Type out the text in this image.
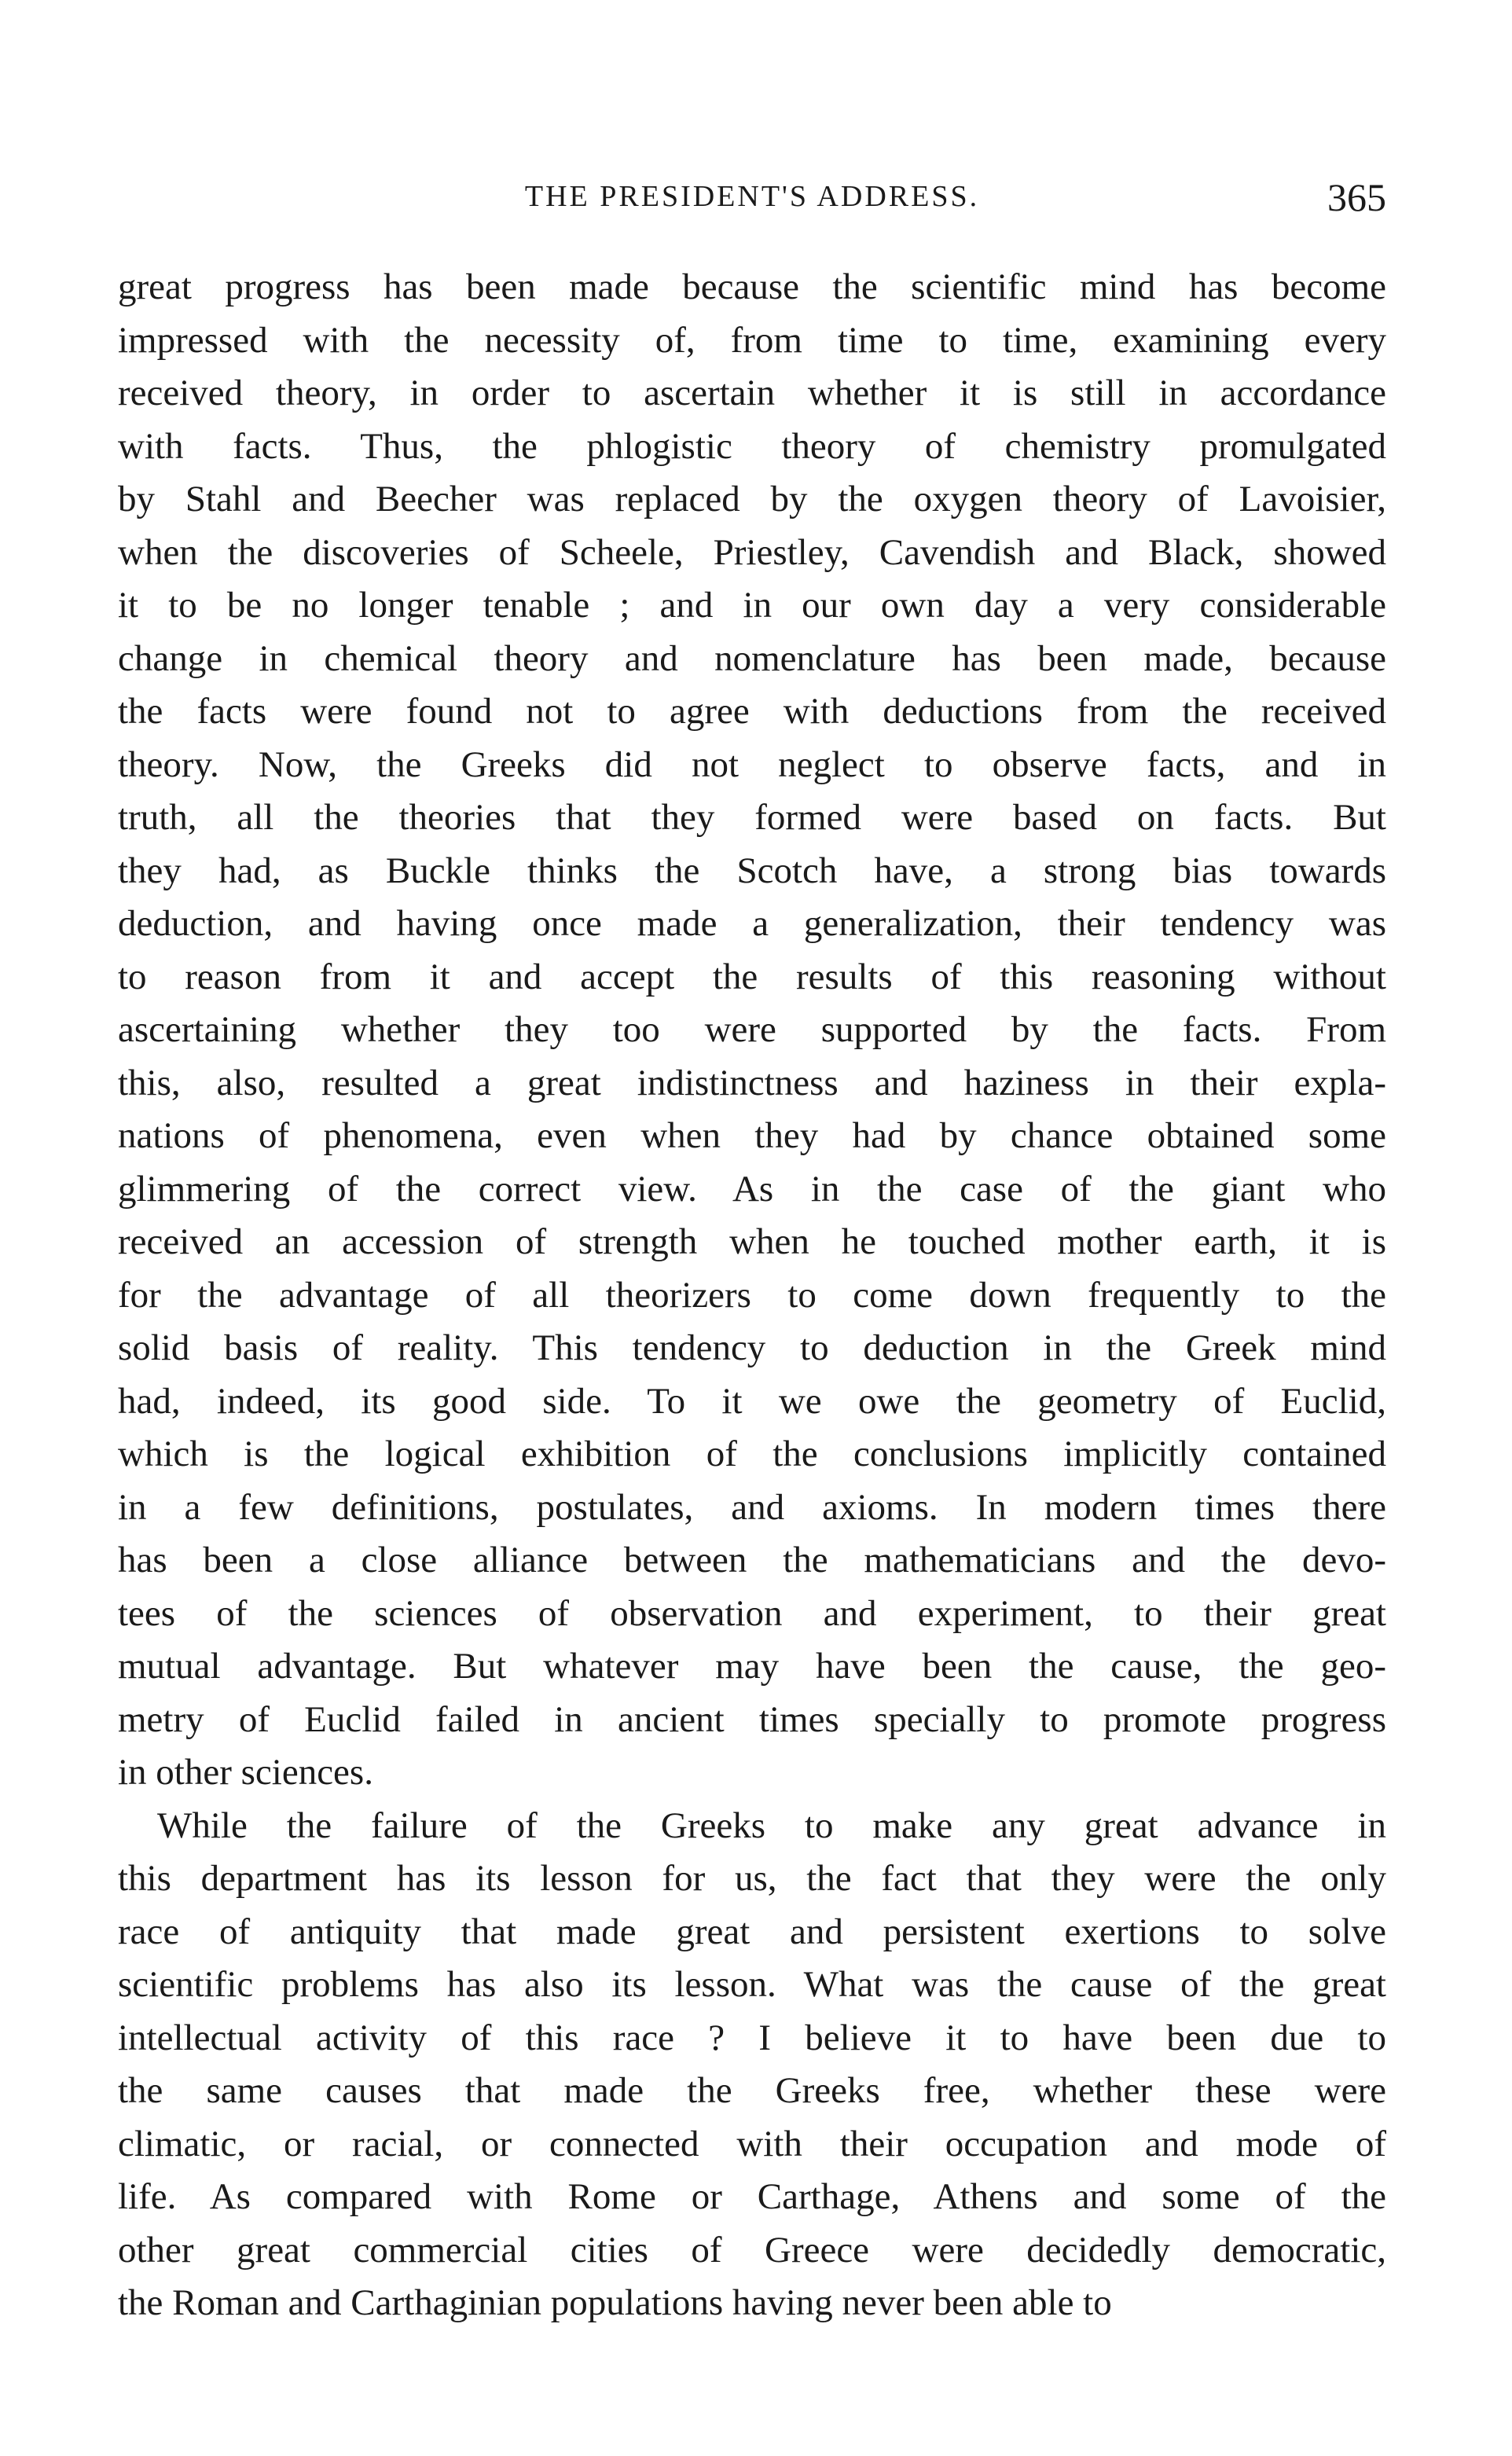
THE PRESIDENT'S ADDRESS.	365
great progress has been made because the scientific mind has become
impressed with the necessity of, from time to time, examining every
received theory, in order to ascertain whether it is still in accordance
with facts. Thus, the phlogistic theory of chemistry promulgated
by Stahl and Beecher was replaced by the oxygen theory of Lavoisier,
when the discoveries of Scheele, Priestley, Cavendish and Black, showed
it to be no longer tenable ; and in our own day a very considerable
change in chemical theory and nomenclature has been made, because
the facts were found not to agree with deductions from the received
theory. Now, the Greeks did not neglect to observe facts, and in
truth, all the theories that they formed were based on facts. But
they had, as Buckle thinks the Scotch have, a strong bias towards
deduction, and having once made a generalization, their tendency was
to reason from it and accept the results of this reasoning without
ascertaining whether they too were supported by the facts. From
this, also, resulted a great indistinctness and haziness in their expla-
nations of phenomena, even when they had by chance obtained some
glimmering of the correct view. As in the case of the giant who
received an accession of strength when he touched mother earth, it is
for the advantage of all theorizers to come down frequently to the
solid basis of reality. This tendency to deduction in the Greek mind
had, indeed, its good side. To it we owe the geometry of Euclid,
which is the logical exhibition of the conclusions implicitly contained
in a few definitions, postulates, and axioms. In modern times there
has been a close alliance between the mathematicians and the devo-
tees of the sciences of observation and experiment, to their great
mutual advantage. But whatever may have been the cause, the geo-
metry of Euclid failed in ancient times specially to promote progress
in other sciences.
While the failure of the Greeks to make any great advance in
this department has its lesson for us, the fact that they were the only
race of antiquity that made great and persistent exertions to solve
scientific problems has also its lesson. What was the cause of the great
intellectual activity of this race ? I believe it to have been due to
the same causes that made the Greeks free, whether these were
climatic, or racial, or connected with their occupation and mode of
life. As compared with Rome or Carthage, Athens and some of the
other great commercial cities of Greece were decidedly democratic,
the Roman and Carthaginian populations having never been able to
